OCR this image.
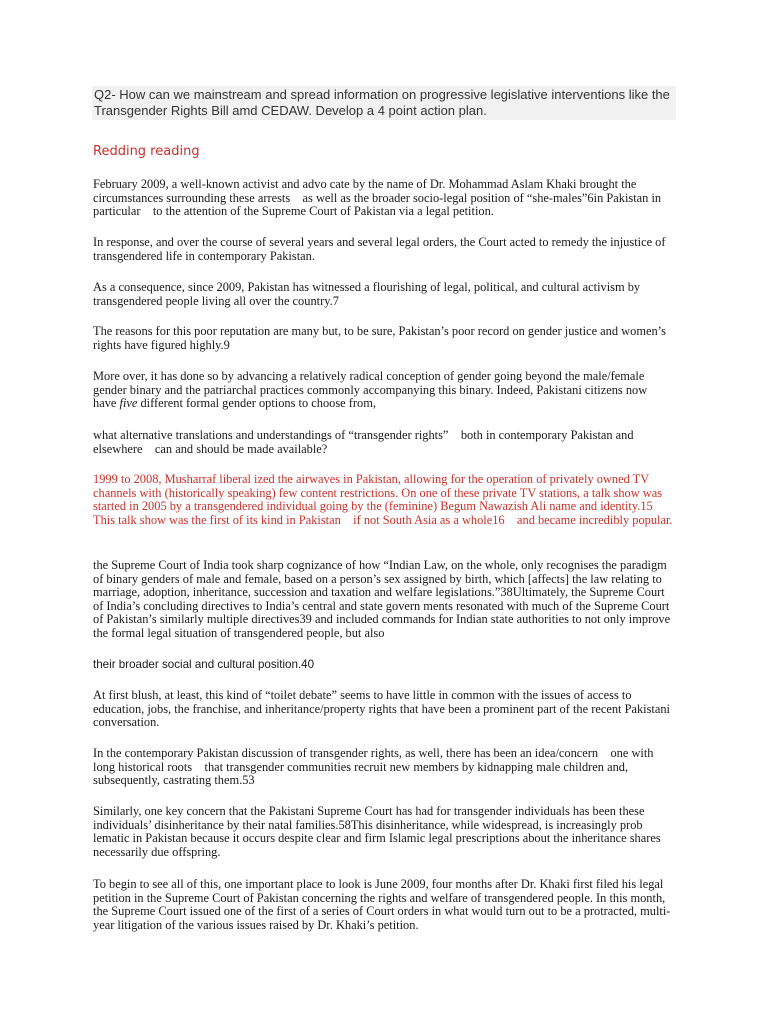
Q2- How can we mainstream and spread information on progressive legislative interventions like the Transgender Rights Bill amd CEDAW. Develop a 4 point action plan.
Redding reading

February 2009, a well-known activist and advo cate by the name of Dr. Mohammad Aslam Khaki brought the circumstances surrounding these arrests as well as the broader socio-legal position of “she-males”6in Pakistan in particular to the attention of the Supreme Court of Pakistan via a legal petition.

In response, and over the course of several years and several legal orders, the Court acted to remedy the injustice of transgendered life in contemporary Pakistan.

As a consequence, since 2009, Pakistan has witnessed a flourishing of legal, political, and cultural activism by transgendered people living all over the country.7

The reasons for this poor reputation are many but, to be sure, Pakistan’s poor record on gender justice and women’s rights have figured highly.9

More over, it has done so by advancing a relatively radical conception of gender going beyond the male/female gender binary and the patriarchal practices commonly accompanying this binary. Indeed, Pakistani citizens now have five different formal gender options to choose from,

what alternative translations and understandings of “transgender rights” both in contemporary Pakistan and elsewhere can and should be made available?

1999 to 2008, Musharraf liberal ized the airwaves in Pakistan, allowing for the operation of privately owned TV channels with (historically speaking) few content restrictions. On one of these private TV stations, a talk show was started in 2005 by a transgendered individual going by the (feminine) Begum Nawazish Ali name and identity.15 This talk show was the first of its kind in Pakistan if not South Asia as a whole16 and became incredibly popular.

the Supreme Court of India took sharp cognizance of how “Indian Law, on the whole, only recognises the paradigm of binary genders of male and female, based on a person’s sex assigned by birth, which [affects] the law relating to marriage, adoption, inheritance, succession and taxation and welfare legislations.”38Ultimately, the Supreme Court of India’s concluding directives to India’s central and state govern ments resonated with much of the Supreme Court of Pakistan’s similarly multiple directives39 and included commands for Indian state authorities to not only improve the formal legal situation of transgendered people, but also

their broader social and cultural position.40

At first blush, at least, this kind of “toilet debate” seems to have little in common with the issues of access to education, jobs, the franchise, and inheritance/property rights that have been a prominent part of the recent Pakistani conversation.

In the contemporary Pakistan discussion of transgender rights, as well, there has been an idea/concern one with long historical roots that transgender communities recruit new members by kidnapping male children and, subsequently, castrating them.53

Similarly, one key concern that the Pakistani Supreme Court has had for transgender individuals has been these individuals’ disinheritance by their natal families.58This disinheritance, while widespread, is increasingly prob lematic in Pakistan because it occurs despite clear and firm Islamic legal prescriptions about the inheritance shares necessarily due offspring.

To begin to see all of this, one important place to look is June 2009, four months after Dr. Khaki first filed his legal petition in the Supreme Court of Pakistan concerning the rights and welfare of transgendered people. In this month, the Supreme Court issued one of the first of a series of Court orders in what would turn out to be a protracted, multi-year litigation of the various issues raised by Dr. Khaki’s petition.
